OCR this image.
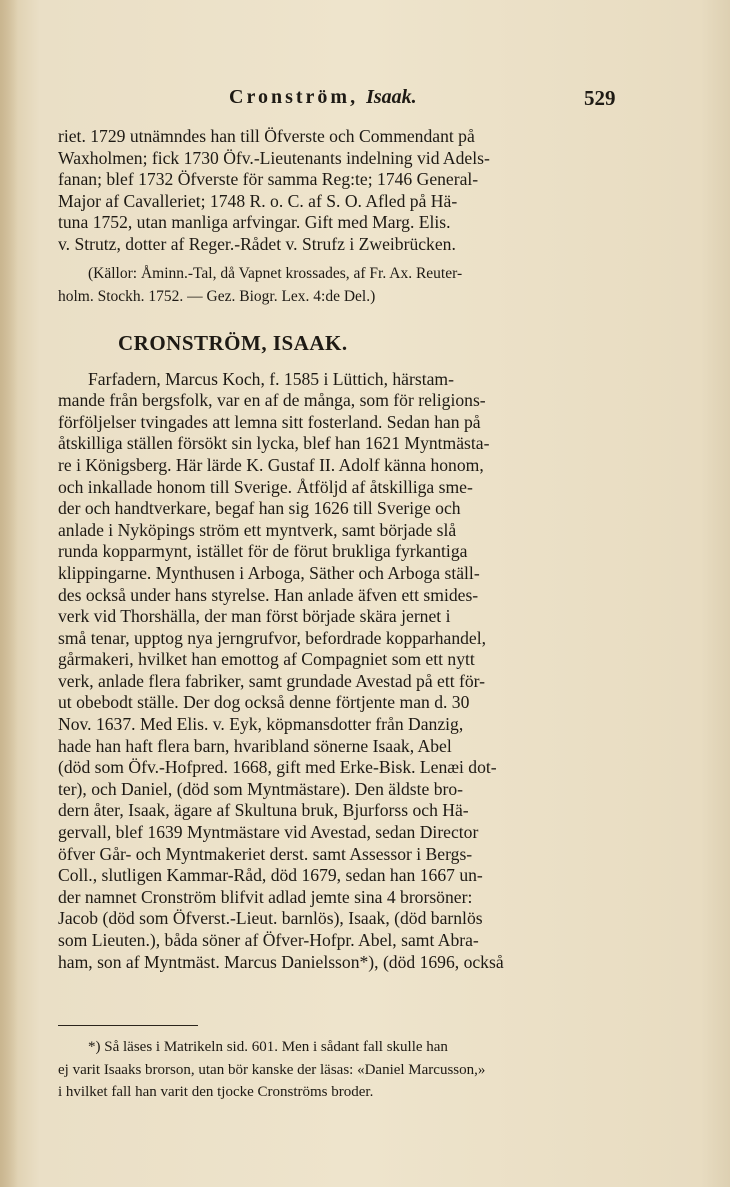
Cronström, Isaak.	529
riet. 1729 utnämndes han till Öfverste och Commendant på
Waxholmen; fick 1730 Öfv.-Lieutenants indelning vid Adels-
fanan; blef 1732 Öfverste för samma Reg:te; 1746 General-
Major af Cavalleriet; 1748 R. o. C. af S. O. Afled på Hä-
tuna 1752, utan manliga arfvingar. Gift med Marg. Elis.
v. Strutz, dotter af Reger.-Rådet v. Strufz i Zweibrücken.
(Källor: Åminn.-Tal, då Vapnet krossades, af Fr. Ax. Reuter-
holm. Stockh. 1752. — Gez. Biogr. Lex. 4:de Del.)
CRONSTRÖM, ISAAK.
Farfadern, Marcus Koch, f. 1585 i Lüttich, härstam-
mande från bergsfolk, var en af de många, som för religions-
förföljelser tvingades att lemna sitt fosterland. Sedan han på
åtskilliga ställen försökt sin lycka, blef han 1621 Myntmästa-
re i Königsberg. Här lärde K. Gustaf II. Adolf känna honom,
och inkallade honom till Sverige. Åtföljd af åtskilliga sme-
der och handtverkare, begaf han sig 1626 till Sverige och
anlade i Nyköpings ström ett myntverk, samt började slå
runda kopparmynt, istället för de förut brukliga fyrkantiga
klippingarne. Mynthusen i Arboga, Säther och Arboga ställ-
des också under hans styrelse. Han anlade äfven ett smides-
verk vid Thorshälla, der man först började skära jernet i
små tenar, upptog nya jerngrufvor, befordrade kopparhandel,
gårmakeri, hvilket han emottog af Compagniet som ett nytt
verk, anlade flera fabriker, samt grundade Avestad på ett för-
ut obebodt ställe. Der dog också denne förtjente man d. 30
Nov. 1637. Med Elis. v. Eyk, köpmansdotter från Danzig,
hade han haft flera barn, hvaribland sönerne Isaak, Abel
(död som Öfv.-Hofpred. 1668, gift med Erke-Bisk. Lenæi dot-
ter), och Daniel, (död som Myntmästare). Den äldste bro-
dern åter, Isaak, ägare af Skultuna bruk, Bjurforss och Hä-
gervall, blef 1639 Myntmästare vid Avestad, sedan Director
öfver Går- och Myntmakeriet derst. samt Assessor i Bergs-
Coll., slutligen Kammar-Råd, död 1679, sedan han 1667 un-
der namnet Cronström blifvit adlad jemte sina 4 brorsöner:
Jacob (död som Öfverst.-Lieut. barnlös), Isaak, (död barnlös
som Lieuten.), båda söner af Öfver-Hofpr. Abel, samt Abra-
ham, son af Myntmäst. Marcus Danielsson*), (död 1696, också
*) Så läses i Matrikeln sid. 601. Men i sådant fall skulle han
ej varit Isaaks brorson, utan bör kanske der läsas: «Daniel Marcusson,»
i hvilket fall han varit den tjocke Cronströms broder.
